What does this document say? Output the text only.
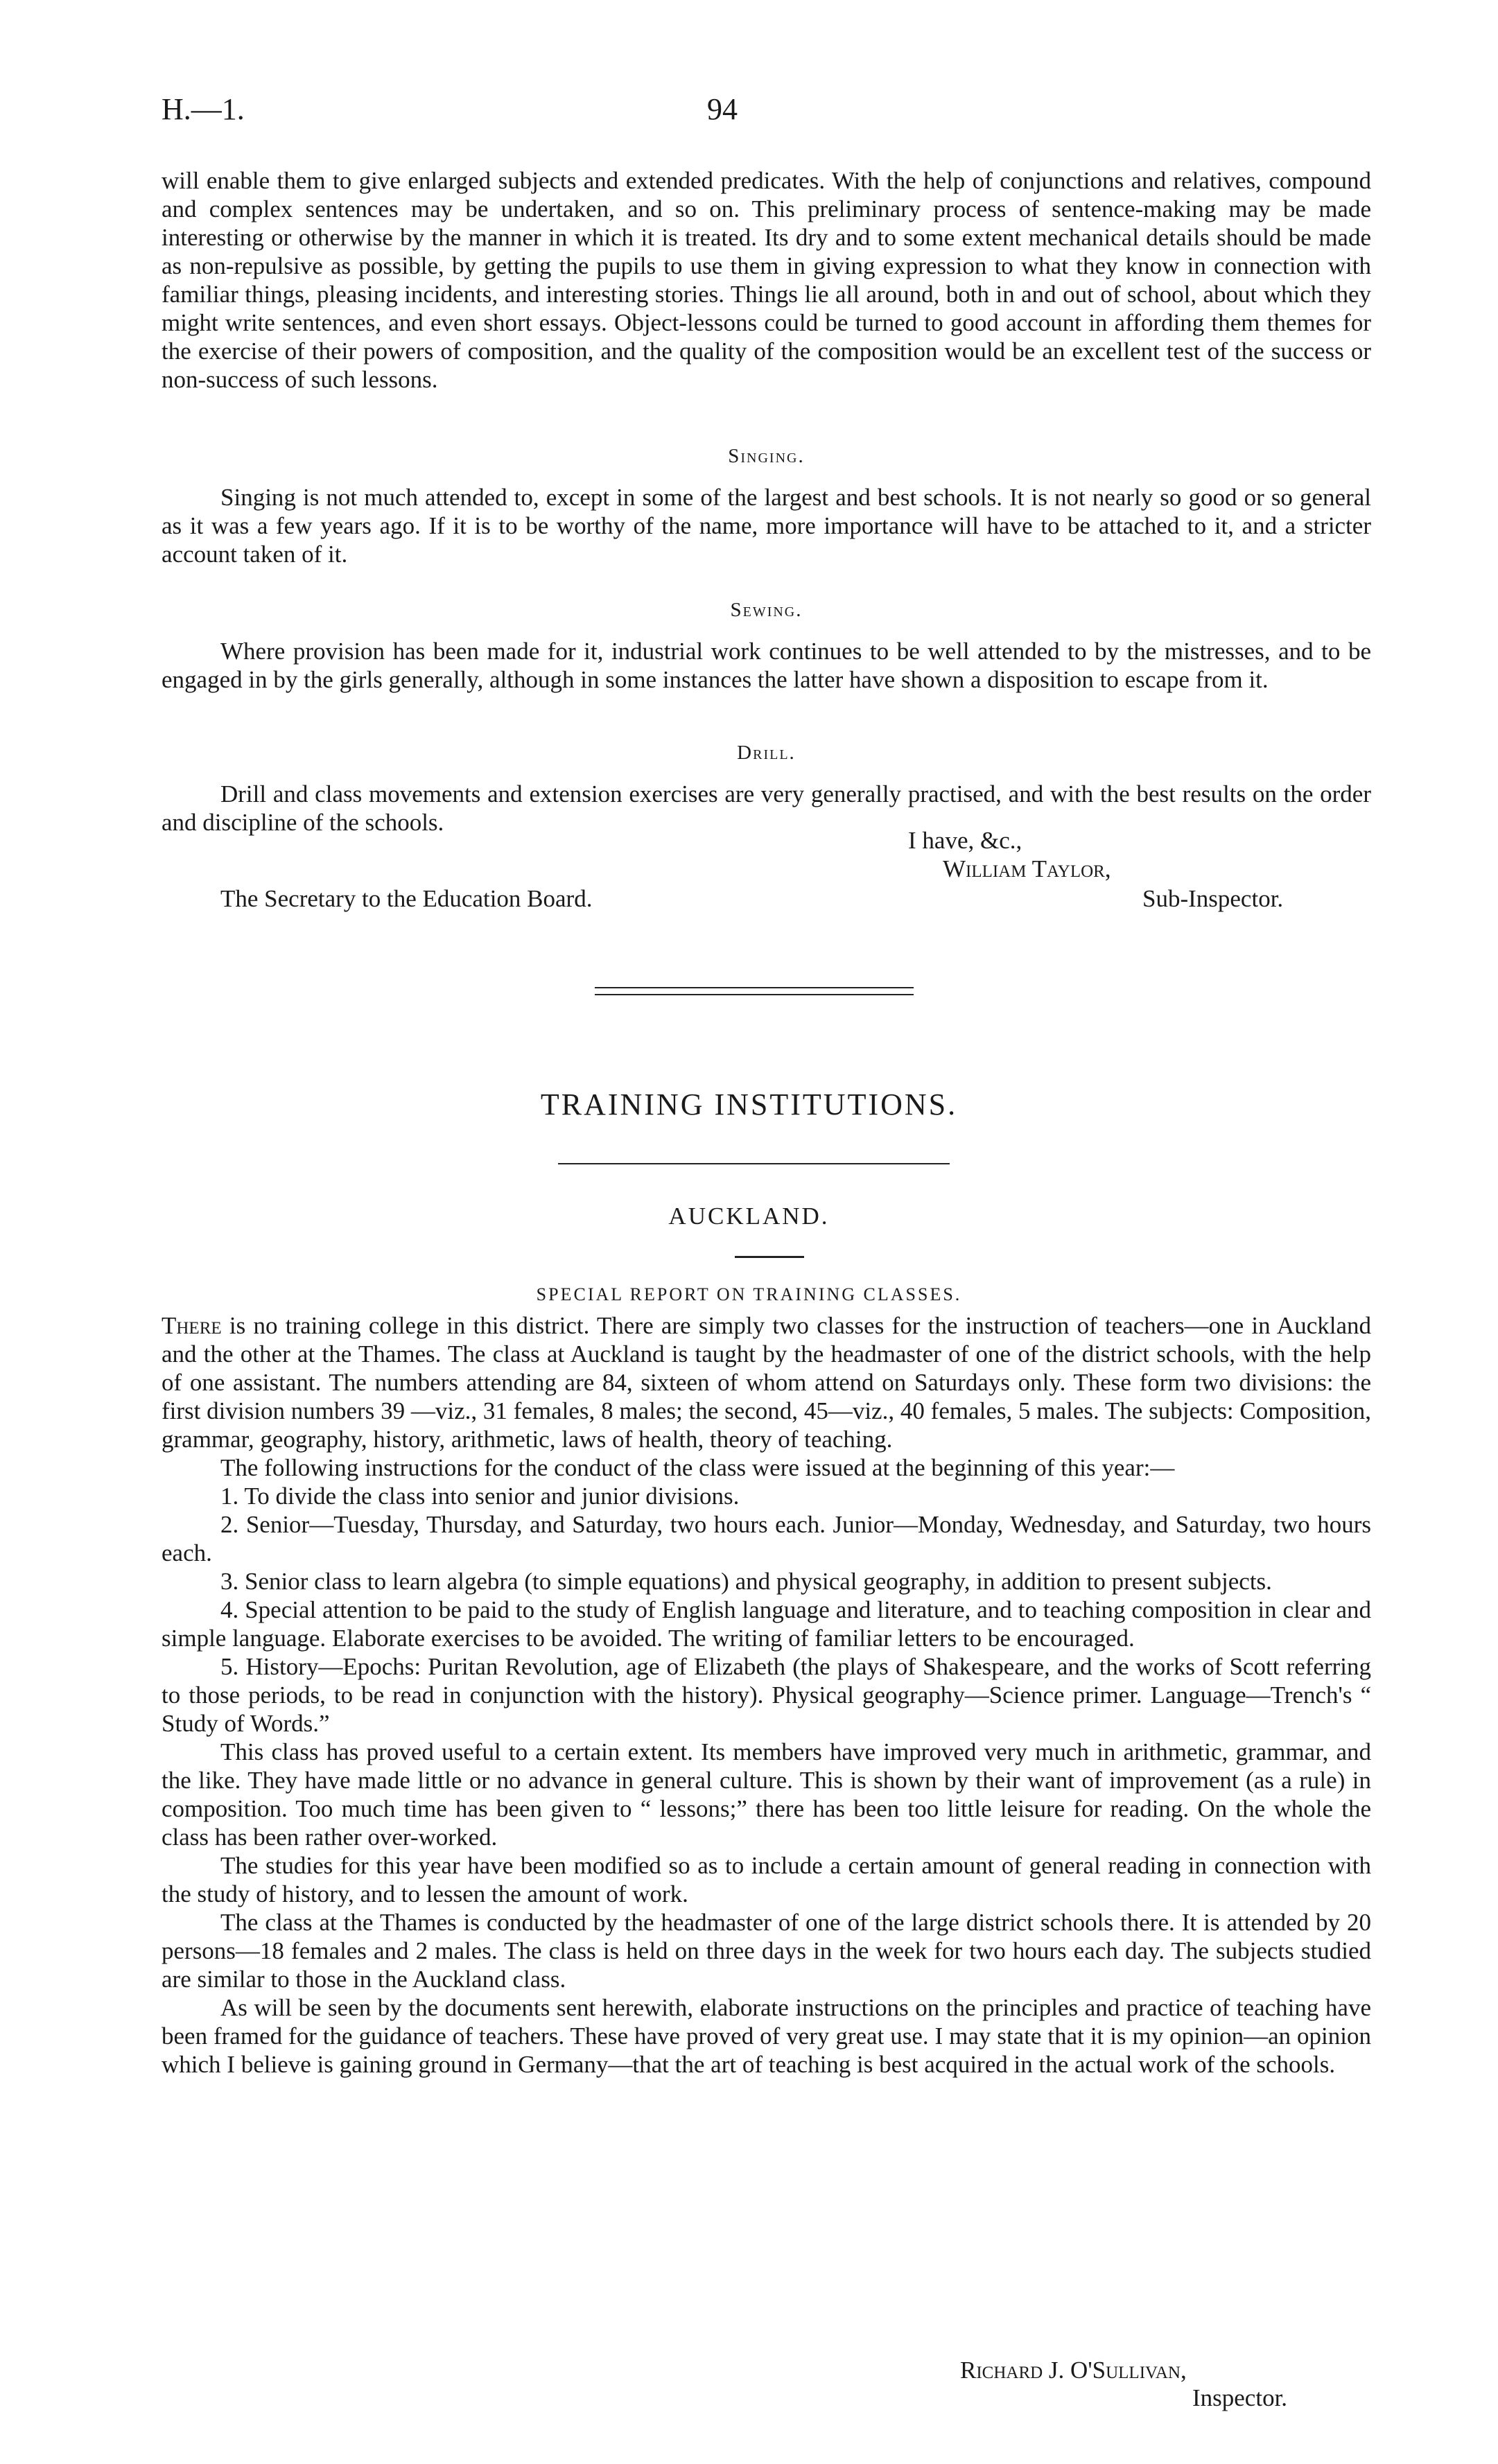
H.—1.	94

will enable them to give enlarged subjects and extended predicates. With the help of conjunctions and relatives, compound and complex sentences may be undertaken, and so on. This preliminary process of sentence-making may be made interesting or otherwise by the manner in which it is treated. Its dry and to some extent mechanical details should be made as non-repulsive as possible, by getting the pupils to use them in giving expression to what they know in connection with familiar things, pleasing incidents, and interesting stories. Things lie all around, both in and out of school, about which they might write sentences, and even short essays. Object-lessons could be turned to good account in affording them themes for the exercise of their powers of composition, and the quality of the composition would be an excellent test of the success or non-success of such lessons.

Singing.

Singing is not much attended to, except in some of the largest and best schools. It is not nearly so good or so general as it was a few years ago. If it is to be worthy of the name, more importance will have to be attached to it, and a stricter account taken of it.

Sewing.

Where provision has been made for it, industrial work continues to be well attended to by the mistresses, and to be engaged in by the girls generally, although in some instances the latter have shown a disposition to escape from it.

Drill.

Drill and class movements and extension exercises are very generally practised, and with the best results on the order and discipline of the schools.

I have, &c.,
William Taylor,
The Secretary to the Education Board.	Sub-Inspector.
TRAINING INSTITUTIONS.
AUCKLAND.
SPECIAL REPORT ON TRAINING CLASSES.

There is no training college in this district. There are simply two classes for the instruction of teachers—one in Auckland and the other at the Thames. The class at Auckland is taught by the headmaster of one of the district schools, with the help of one assistant. The numbers attending are 84, sixteen of whom attend on Saturdays only. These form two divisions: the first division numbers 39 —viz., 31 females, 8 males; the second, 45—viz., 40 females, 5 males. The subjects: Composition, grammar, geography, history, arithmetic, laws of health, theory of teaching.

The following instructions for the conduct of the class were issued at the beginning of this year:—

1. To divide the class into senior and junior divisions.

2. Senior—Tuesday, Thursday, and Saturday, two hours each. Junior—Monday, Wednesday, and Saturday, two hours each.

3. Senior class to learn algebra (to simple equations) and physical geography, in addition to present subjects.

4. Special attention to be paid to the study of English language and literature, and to teaching composition in clear and simple language. Elaborate exercises to be avoided. The writing of familiar letters to be encouraged.

5. History—Epochs: Puritan Revolution, age of Elizabeth (the plays of Shakespeare, and the works of Scott referring to those periods, to be read in conjunction with the history). Physical geography—Science primer. Language—Trench's “ Study of Words.”

This class has proved useful to a certain extent. Its members have improved very much in arithmetic, grammar, and the like. They have made little or no advance in general culture. This is shown by their want of improvement (as a rule) in composition. Too much time has been given to “ lessons;” there has been too little leisure for reading. On the whole the class has been rather over-worked.

The studies for this year have been modified so as to include a certain amount of general reading in connection with the study of history, and to lessen the amount of work.

The class at the Thames is conducted by the headmaster of one of the large district schools there. It is attended by 20 persons—18 females and 2 males. The class is held on three days in the week for two hours each day. The subjects studied are similar to those in the Auckland class.

As will be seen by the documents sent herewith, elaborate instructions on the principles and practice of teaching have been framed for the guidance of teachers. These have proved of very great use. I may state that it is my opinion—an opinion which I believe is gaining ground in Germany—that the art of teaching is best acquired in the actual work of the schools.

Richard J. O'Sullivan,
Inspector.
